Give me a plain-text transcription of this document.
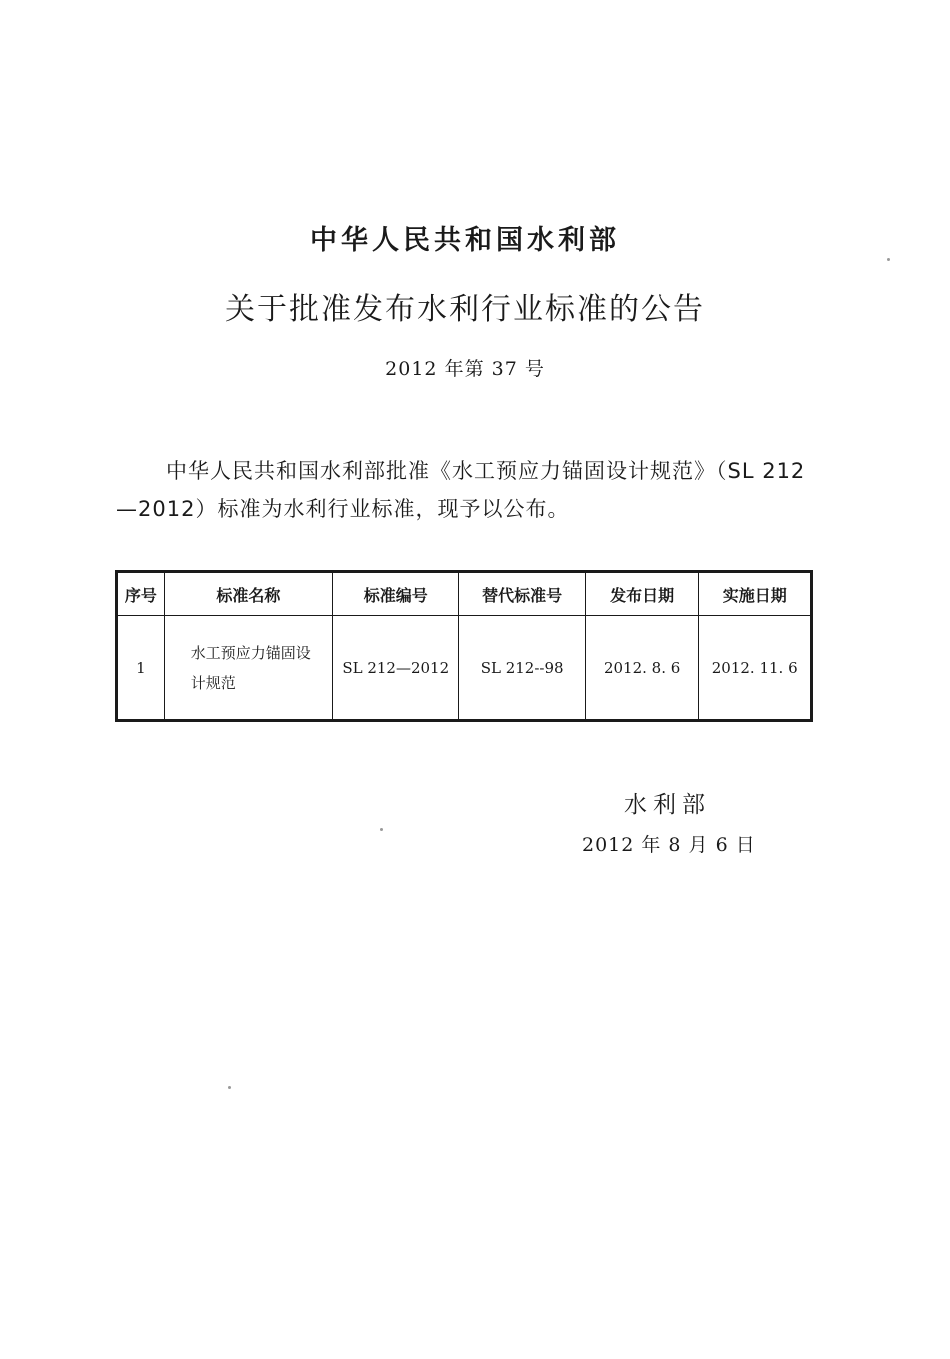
中华人民共和国水利部
关于批准发布水利行业标准的公告
2012 年第 37 号
中华人民共和国水利部批准《水工预应力锚固设计规范》（SL 212—2012）标准为水利行业标准，现予以公布。
序号	标准名称	标准编号	替代标准号	发布日期	实施日期
1	水工预应力锚固设计规范	SL 212—2012	SL 212--98	2012. 8. 6	2012. 11. 6
水利部
2012 年 8 月 6 日
